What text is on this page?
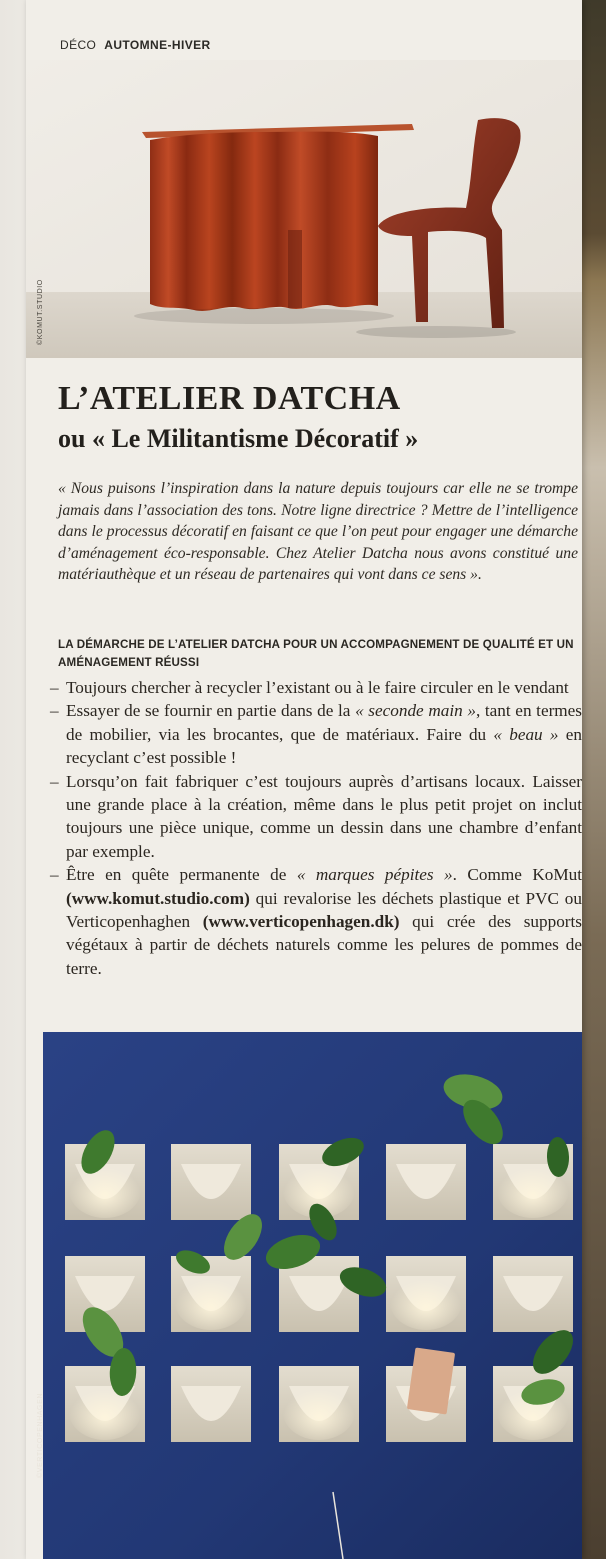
DÉCO AUTOMNE-HIVER
©KOMUT.STUDIO
L’ATELIER DATCHA
ou « Le Militantisme Décoratif »

« Nous puisons l’inspiration dans la nature depuis toujours car elle ne se trompe jamais dans l’association des tons. Notre ligne directrice ? Mettre de l’intelligence dans le processus décoratif en faisant ce que l’on peut pour engager une démarche d’aménagement éco-responsable. Chez Atelier Datcha nous avons constitué une matériauthèque et un réseau de partenaires qui vont dans ce sens ».

LA DÉMARCHE DE L’ATELIER DATCHA POUR UN ACCOMPAGNEMENT DE QUALITÉ ET UN AMÉNAGEMENT RÉUSSI
– Toujours chercher à recycler l’existant ou à le faire circuler en le vendant
– Essayer de se fournir en partie dans de la « seconde main », tant en termes de mobilier, via les brocantes, que de matériaux. Faire du « beau » en recyclant c’est possible !
– Lorsqu’on fait fabriquer c’est toujours auprès d’artisans locaux. Laisser une grande place à la création, même dans le plus petit projet on inclut toujours une pièce unique, comme un dessin dans une chambre d’enfant par exemple.
– Être en quête permanente de « marques pépites ». Comme KoMut (www.komut.studio.com) qui revalorise les déchets plastique et PVC ou Verticopenhaghen (www.verticopenhagen.dk) qui crée des supports végétaux à partir de déchets naturels comme les pelures de pommes de terre.
©VERTICOPENHAGEN
